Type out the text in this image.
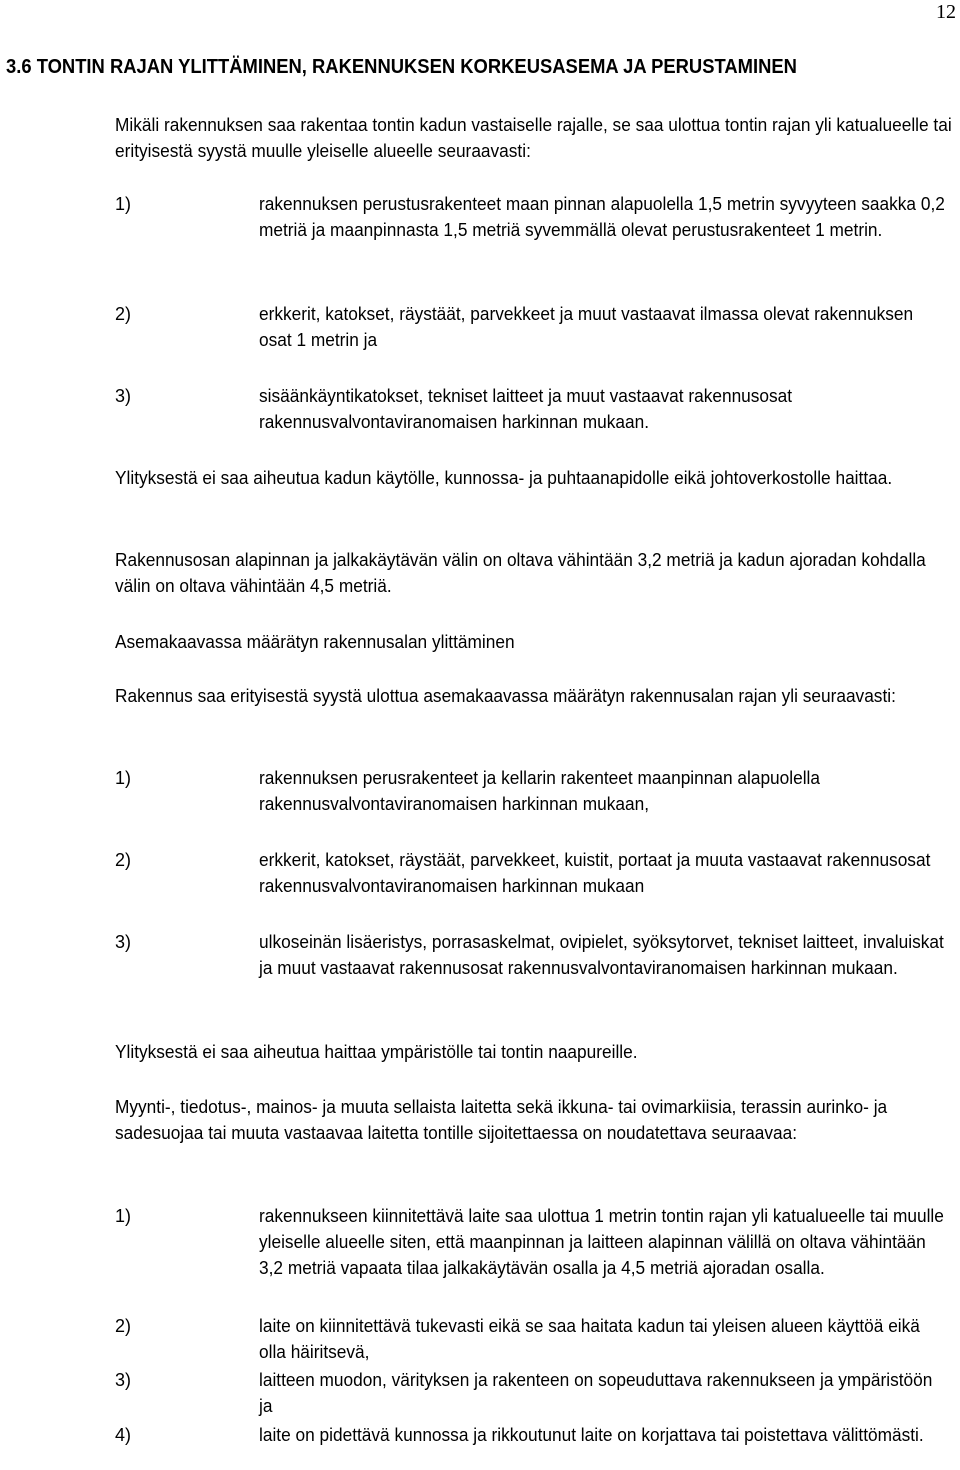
12
3.6 TONTIN RAJAN YLITTÄMINEN, RAKENNUKSEN KORKEUSASEMA JA PERUSTAMINEN

Mikäli rakennuksen saa rakentaa tontin kadun vastaiselle rajalle, se saa ulottua tontin rajan yli katualueelle tai erityisestä syystä muulle yleiselle alueelle seuraavasti:

1)	rakennuksen perustusrakenteet maan pinnan alapuolella 1,5 metrin syvyyteen saakka 0,2 metriä ja maanpinnasta 1,5 metriä syvemmällä olevat perustusrakenteet 1 metrin.
2)	erkkerit, katokset, räystäät, parvekkeet ja muut vastaavat ilmassa olevat rakennuksen osat 1 metrin ja
3)	sisäänkäyntikatokset, tekniset laitteet ja muut vastaavat rakennusosat rakennusvalvontaviranomaisen harkinnan mukaan.

Ylityksestä ei saa aiheutua kadun käytölle, kunnossa- ja puhtaanapidolle eikä johtoverkostolle haittaa.

Rakennusosan alapinnan ja jalkakäytävän välin on oltava vähintään 3,2 metriä ja kadun ajoradan kohdalla välin on oltava vähintään 4,5 metriä.

Asemakaavassa määrätyn rakennusalan ylittäminen

Rakennus saa erityisestä syystä ulottua asemakaavassa määrätyn rakennusalan rajan yli seuraavasti:

1)	rakennuksen perusrakenteet ja kellarin rakenteet maanpinnan alapuolella rakennusvalvontaviranomaisen harkinnan mukaan,
2)	erkkerit, katokset, räystäät, parvekkeet, kuistit, portaat ja muuta vastaavat rakennusosat rakennusvalvontaviranomaisen harkinnan mukaan
3)	ulkoseinän lisäeristys, porrasaskelmat, ovipielet, syöksytorvet, tekniset laitteet, invaluiskat ja muut vastaavat rakennusosat rakennusvalvontaviranomaisen harkinnan mukaan.

Ylityksestä ei saa aiheutua haittaa ympäristölle tai tontin naapureille.

Myynti-, tiedotus-, mainos- ja muuta sellaista laitetta sekä ikkuna- tai ovimarkiisia, terassin aurinko- ja sadesuojaa tai muuta vastaavaa laitetta tontille sijoitettaessa on noudatettava seuraavaa:

1)	rakennukseen kiinnitettävä laite saa ulottua 1 metrin tontin rajan yli katualueelle tai muulle yleiselle alueelle siten, että maanpinnan ja laitteen alapinnan välillä on oltava vähintään 3,2 metriä vapaata tilaa jalkakäytävän osalla ja 4,5 metriä ajoradan osalla.
2)	laite on kiinnitettävä tukevasti eikä se saa haitata kadun tai yleisen alueen käyttöä eikä olla häiritsevä,
3)	laitteen muodon, värityksen ja rakenteen on sopeuduttava rakennukseen ja ympäristöön ja
4)	laite on pidettävä kunnossa ja rikkoutunut laite on korjattava tai poistettava välittömästi.
